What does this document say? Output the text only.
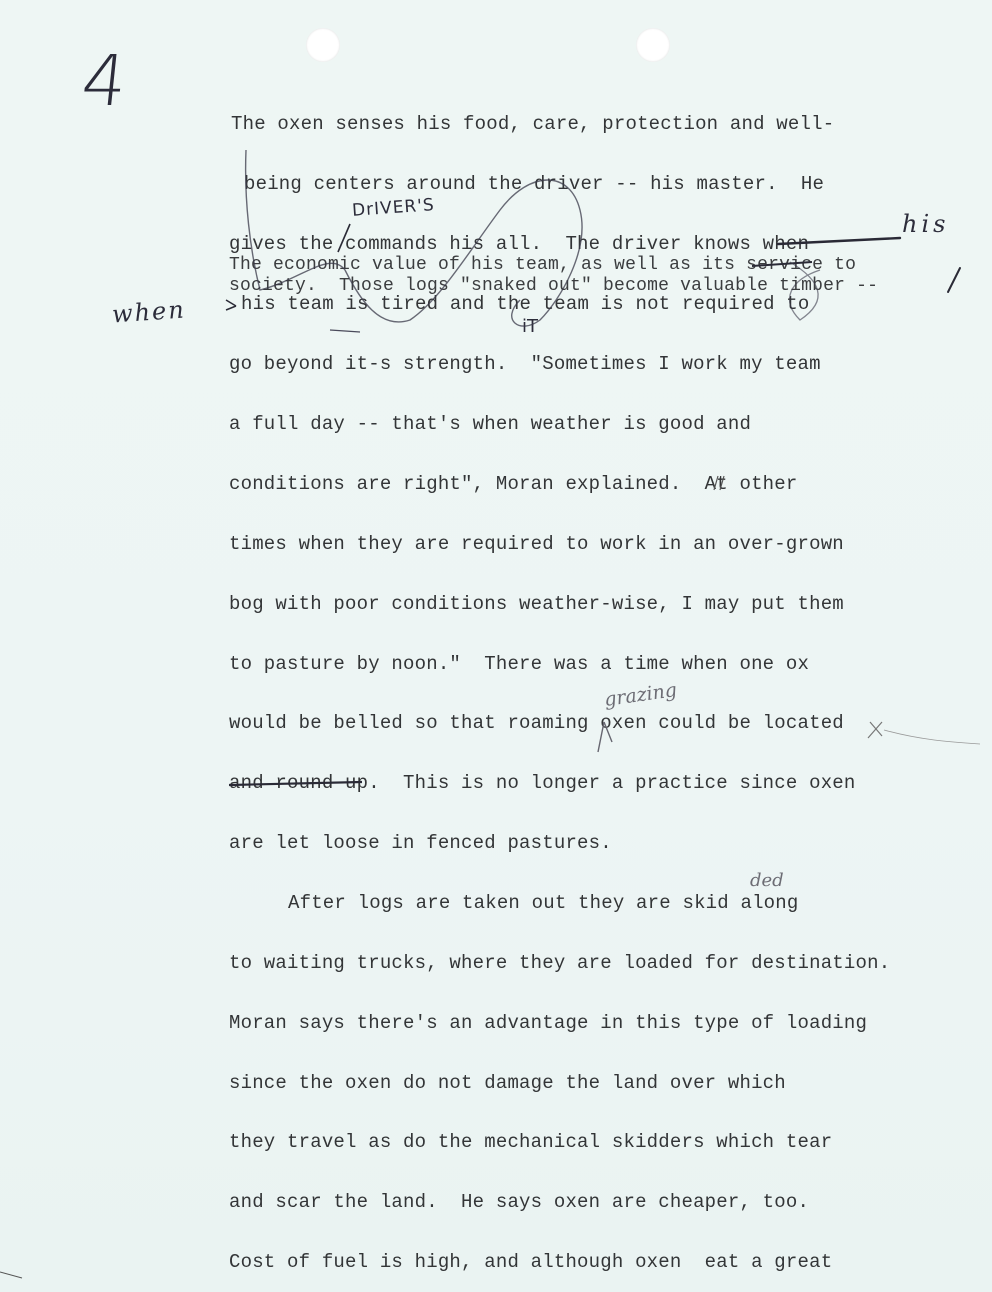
4
The oxen senses his food, care, protection and well-
being centers around the driver -- his master.  He
gives the commands his all.  The driver knows when
The economic value of his team, as well as its service to
society.  Those logs "snaked out" become valuable timber --
his team is tired and the team is not required to
go beyond it-s strength.  "Sometimes I work my team
a full day -- that's when weather is good and
conditions are right", Moran explained.  At other
times when they are required to work in an over-grown
bog with poor conditions weather-wise, I may put them
to pasture by noon."  There was a time when one ox
would be belled so that roaming oxen could be located
and round up.  This is no longer a practice since oxen
are let loose in fenced pastures.
After logs are taken out they are skid along
to waiting trucks, where they are loaded for destination.
Moran says there's an advantage in this type of loading
since the oxen do not damage the land over which
they travel as do the mechanical skidders which tear
and scar the land.  He says oxen are cheaper, too.
Cost of fuel is high, and although oxen  eat a great
DrIVER'S
his
when	iT
grazing
ded
